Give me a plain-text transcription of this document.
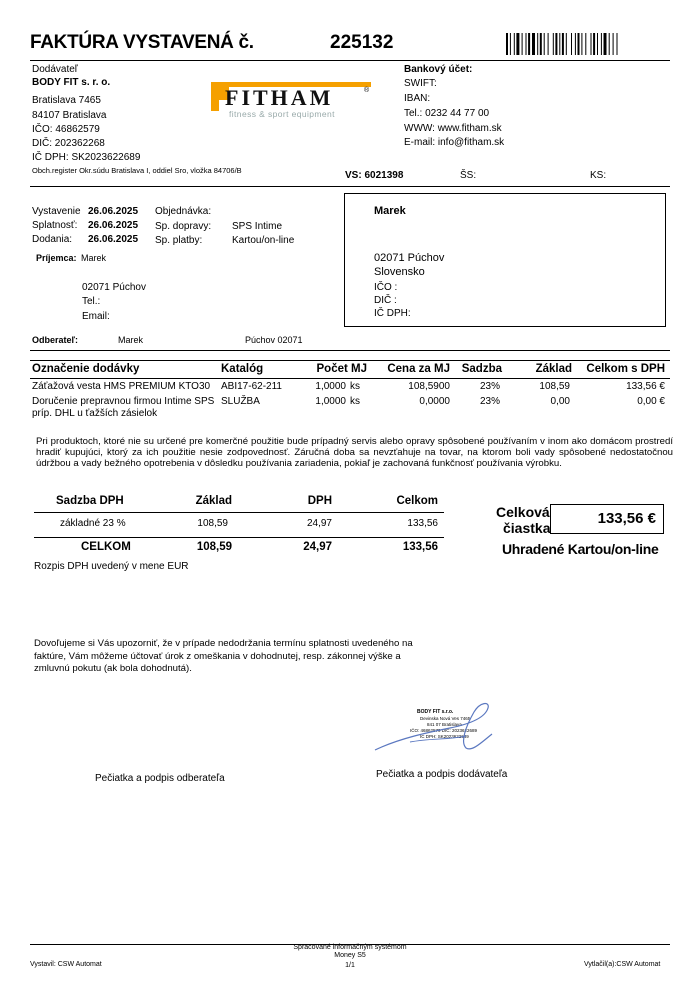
FAKTÚRA VYSTAVENÁ č.	225132
Dodávateľ
BODY FIT s. r. o.
Bratislava 7465
84107 Bratislava
IČO: 46862579
DIČ: 202362268
IČ DPH: SK2023622689
Obch.register Okr.súdu Bratislava I, oddiel Sro, vložka 84706/B
FITHAM	®
fitness & sport equipment
Bankový účet:
SWIFT:
IBAN:
Tel.: 0232 44 77 00
WWW: www.fitham.sk
E-mail: info@fitham.sk
VS: 6021398	ŠS:	KS:
Vystavenie 26.06.2025 Objednávka:
Splatnosť: 26.06.2025 Sp. dopravy: SPS Intime
Dodania: 26.06.2025 Sp. platby:	Kartou/on-line
Príjemca: Marek
02071 Púchov
Tel.:
Email:
Marek
02071 Púchov
Slovensko
IČO :
DIČ :
IČ DPH:
Odberateľ:	Marek	Púchov 02071
Označenie dodávky	Katalóg	Počet MJ	Cena za MJ	Sadzba	Základ	Celkom s DPH
Záťažová vesta HMS PREMIUM KTO30 ABI17-62-211	1,0000 ks	108,5900	23%	108,59	133,56 €
Doručenie prepravnou firmou Intime SPS
príp. DHL u ťažších zásielok
SLUŽBA	1,0000 ks	0,0000	23%	0,00	0,00 €
Pri produktoch, ktoré nie su určené pre komerčné použitie bude prípadný servis alebo opravy spôsobené používaním v inom ako domácom prostredí hradiť kupujúci, ktorý za ich použitie nesie zodpovednosť. Záručná doba sa nevzťahuje na tovar, na ktorom boli vady spôsobené nedostatočnou údržbou a vady bežného opotrebenia v dôsledku používania zariadenia, pokiaľ je zachovaná funkčnosť používania výrobku.
Sadzba DPH	Základ	DPH	Celkom
základné 23 %	108,59	24,97	133,56
CELKOM	108,59	24,97	133,56
Rozpis DPH uvedený v mene EUR
Celková
čiastka
133,56 €
Uhradené Kartou/on-line
Dovoľujeme si Vás upozorniť, že v prípade nedodržania termínu splatnosti uvedeného na faktúre, Vám môžeme účtovať úrok z omeškania v dohodnutej, resp. zákonnej výške a zmluvnú pokutu (ak bola dohodnutá).
BODY FIT s.r.o.
Devinska Nová Ves 7465
841 07 Bratislava
IČO: 46862579 DIČ: 2023622689
IČ DPH: SK2023622689
Pečiatka a podpis odberateľa	Pečiatka a podpis dodávateľa
Spracované informačným systémom
Money S5
Vystavil: CSW Automat	1/1	Vytlačil(a):CSW Automat
